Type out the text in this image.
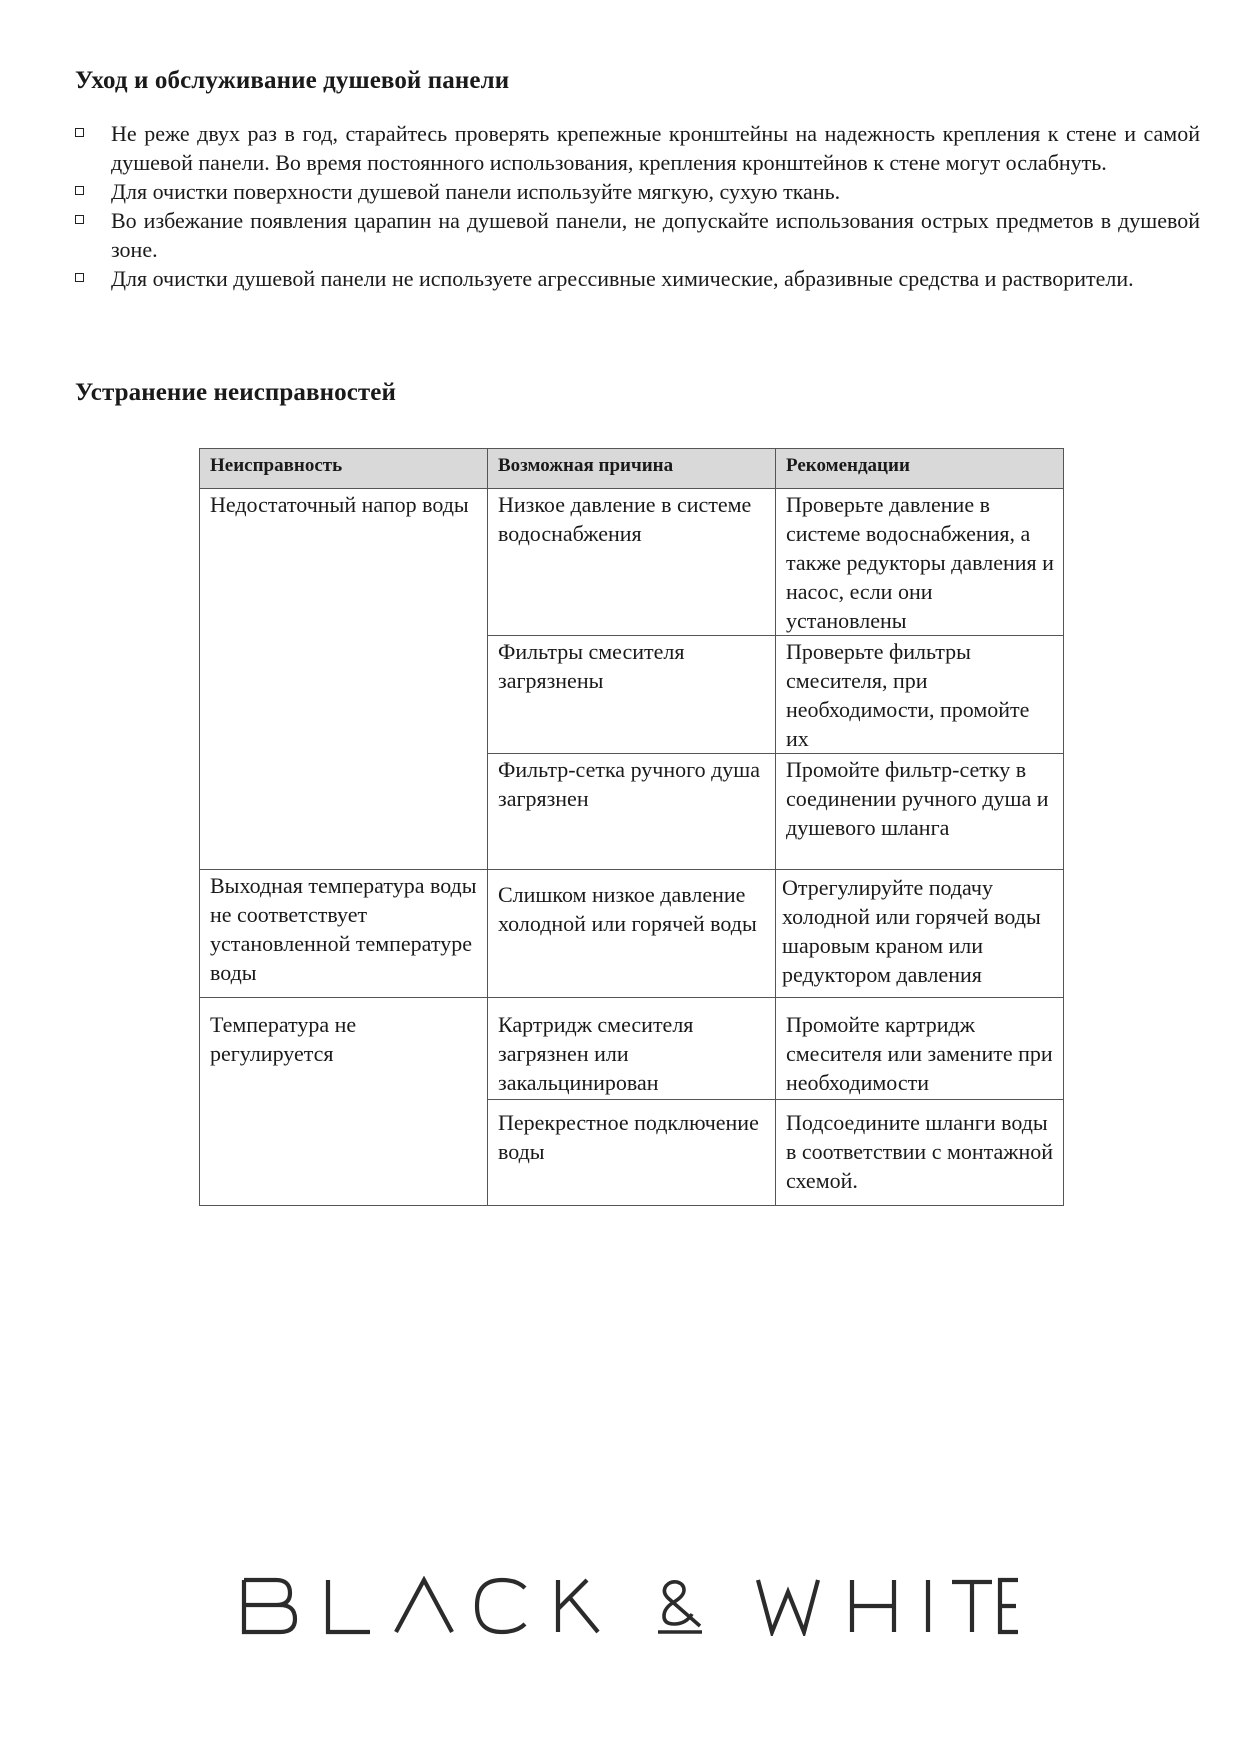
Уход и обслуживание душевой панели
Не реже двух раз в год, старайтесь проверять крепежные кронштейны на надежность крепления к стене и самой душевой панели. Во время постоянного использования, крепления кронштейнов к стене могут ослабнуть.
Для очистки поверхности душевой панели используйте мягкую, сухую ткань.
Во избежание появления царапин на душевой панели, не допускайте использования острых предметов в душевой зоне.
Для очистки душевой панели не используете агрессивные химические, абразивные средства и растворители.
Устранение неисправностей
Неисправность	Возможная причина	Рекомендации
Недостаточный напор воды	Низкое давление в системе водоснабжения	Проверьте давление в системе водоснабжения, а также редукторы давления и насос, если они установлены
	Фильтры смесителя загрязнены	Проверьте фильтры смесителя, при необходимости, промойте их
	Фильтр-сетка ручного душа загрязнен	Промойте фильтр-сетку в соединении ручного душа и душевого шланга
Выходная температура воды не соответствует установленной температуре воды	Слишком низкое давление холодной или горячей воды	Отрегулируйте подачу холодной или горячей воды шаровым краном или редуктором давления
Температура не регулируется	Картридж смесителя загрязнен или закальцинирован	Промойте картридж смесителя или замените при необходимости
	Перекрестное подключение воды	Подсоедините шланги воды в соответствии с монтажной схемой.
